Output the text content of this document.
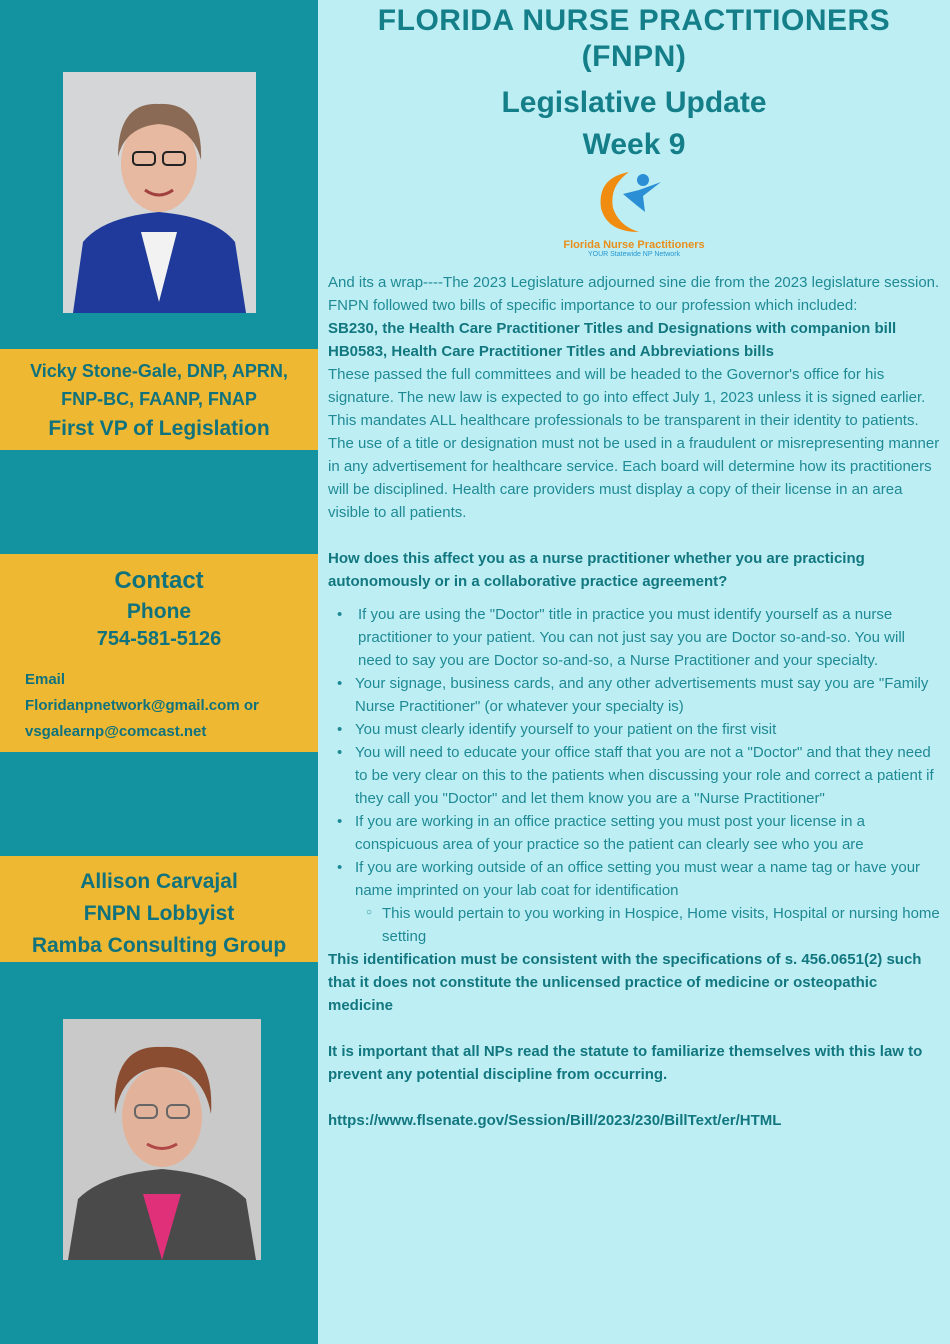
Vicky Stone-Gale, DNP, APRN,
FNP-BC, FAANP, FNAP
First VP of Legislation
Contact
Phone
754-581-5126
Email
Floridanpnetwork@gmail.com or
vsgalearnp@comcast.net
Allison Carvajal
FNPN Lobbyist
Ramba Consulting Group
FLORIDA NURSE PRACTITIONERS
(FNPN)
Legislative Update
Week 9
Florida Nurse Practitioners
YOUR Statewide NP Network
And its a wrap----The 2023 Legislature adjourned sine die from the 2023 legislature session.
FNPN followed two bills of specific importance to our profession which included:
SB230, the Health Care Practitioner Titles and Designations with companion bill HB0583, Health Care Practitioner Titles and Abbreviations bills
These passed the full committees and will be headed to the Governor's office for his signature. The new law is expected to go into effect July 1, 2023 unless it is signed earlier. This mandates ALL healthcare professionals to be transparent in their identity to patients. The use of a title or designation must not be used in a fraudulent or misrepresenting manner in any advertisement for healthcare service. Each board will determine how its practitioners will be disciplined. Health care providers must display a copy of their license in an area visible to all patients.
How does this affect you as a nurse practitioner whether you are practicing autonomously or in a collaborative practice agreement?
• If you are using the "Doctor" title in practice you must identify yourself as a nurse practitioner to your patient. You can not just say you are Doctor so-and-so. You will need to say you are Doctor so-and-so, a Nurse Practitioner and your specialty.
• Your signage, business cards, and any other advertisements must say you are "Family Nurse Practitioner" (or whatever your specialty is)
• You must clearly identify yourself to your patient on the first visit
• You will need to educate your office staff that you are not a "Doctor" and that they need to be very clear on this to the patients when discussing your role and correct a patient if they call you "Doctor" and let them know you are a "Nurse Practitioner"
• If you are working in an office practice setting you must post your license in a conspicuous area of your practice so the patient can clearly see who you are
• If you are working outside of an office setting you must wear a name tag or have your name imprinted on your lab coat for identification
○ This would pertain to you working in Hospice, Home visits, Hospital or nursing home setting
This identification must be consistent with the specifications of s. 456.0651(2) such that it does not constitute the unlicensed practice of medicine or osteopathic medicine
It is important that all NPs read the statute to familiarize themselves with this law to prevent any potential discipline from occurring.
https://www.flsenate.gov/Session/Bill/2023/230/BillText/er/HTML
